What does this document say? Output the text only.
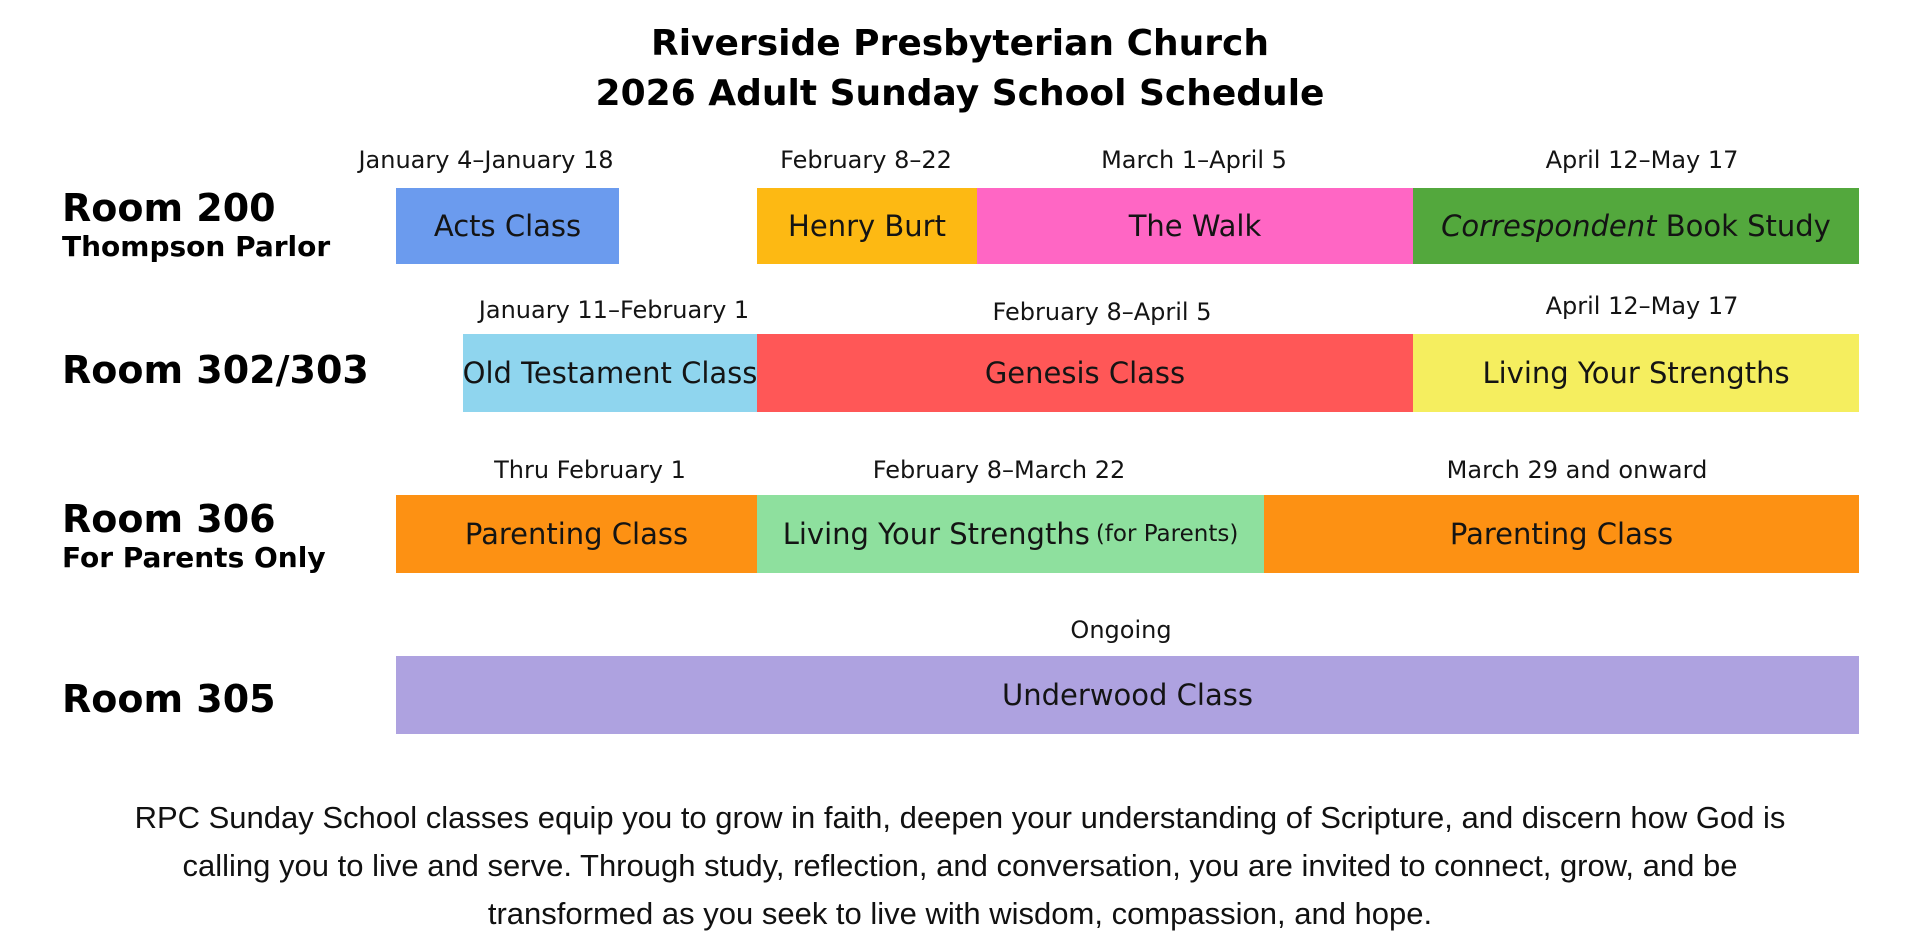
Riverside Presbyterian Church
2026 Adult Sunday School Schedule
Room 200
Thompson Parlor
Room 302/303
Room 306
For Parents Only
Room 305
January 4–January 18
Acts Class
February 8–22
Henry Burt
March 1–April 5
The Walk
April 12–May 17
Correspondent Book Study
January 11–February 1
Old Testament Class
February 8–April 5
Genesis Class
April 12–May 17
Living Your Strengths
Thru February 1
Parenting Class
February 8–March 22
Living Your Strengths (for Parents)
March 29 and onward
Parenting Class
Ongoing
Underwood Class
RPC Sunday School classes equip you to grow in faith, deepen your understanding of Scripture, and discern how God is calling you to live and serve. Through study, reflection, and conversation, you are invited to connect, grow, and be transformed as you seek to live with wisdom, compassion, and hope.
